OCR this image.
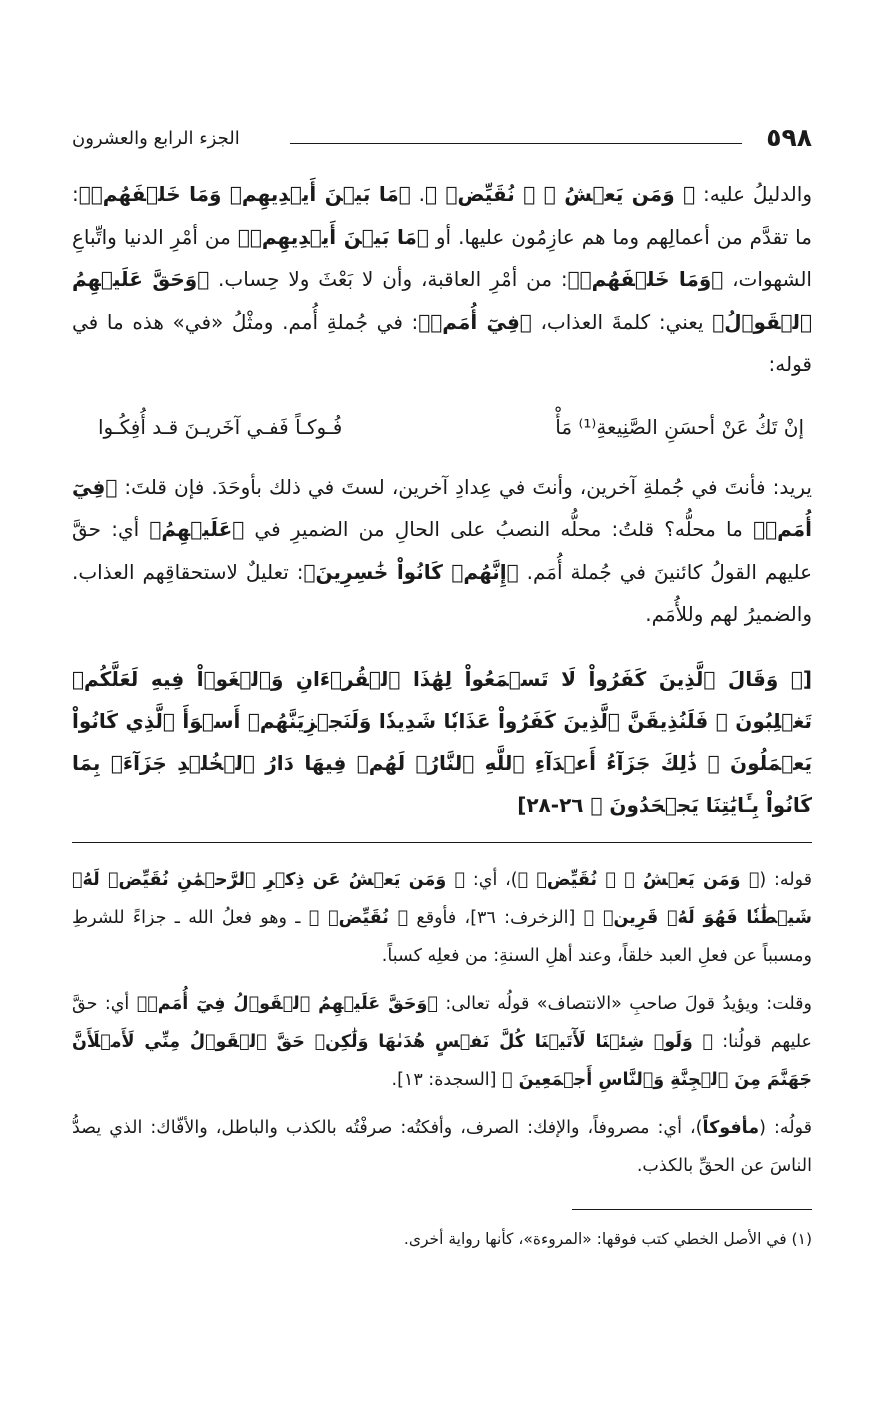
٥٩٨
الجزء الرابع والعشرون

والدليلُ عليه: ﴿ وَمَن يَعۡشُ ﴾ ﴿ نُقَيِّضۡ ﴾. ﴿مَا بَيۡنَ أَيۡدِيهِمۡ وَمَا خَلۡفَهُمۡ﴾: ما تقدَّم من أعمالِهم وما هم عازِمُون عليها. أو ﴿مَا بَيۡنَ أَيۡدِيهِمۡ﴾ من أمْرِ الدنيا واتِّباعِ الشهوات، ﴿وَمَا خَلۡفَهُمۡ﴾: من أمْرِ العاقبة، وأن لا بَعْثَ ولا حِساب. ﴿وَحَقَّ عَلَيۡهِمُ ٱلۡقَوۡلُ﴾ يعني: كلمةَ العذاب، ﴿فِيٓ أُمَمٖ﴾: في جُملةِ أُمم. ومثْلُ «في» هذه ما في قوله:

إنْ تَكُ عَنْ أحسَنِ الصَّنِيعةِ⁽¹⁾ مَأْ
فُـوكـاً فَفـي آخَريـنَ قـد أُفِكُـوا

يريد: فأنتَ في جُملةِ آخرين، وأنتَ في عِدادِ آخرين، لستَ في ذلك بأوحَدَ. فإن قلتَ: ﴿فِيٓ أُمَمٖ﴾ ما محلُّه؟ قلتُ: محلُّه النصبُ على الحالِ من الضميرِ في ﴿عَلَيۡهِمُ﴾ أي: حقَّ عليهم القولُ كائنينَ في جُملة أُمَم. ﴿إِنَّهُمۡ كَانُواْ خَٰسِرِينَ﴾: تعليلٌ لاستحقاقِهم العذاب. والضميرُ لهم وللأُمَم.

[﴿ وَقَالَ ٱلَّذِينَ كَفَرُواْ لَا تَسۡمَعُواْ لِهَٰذَا ٱلۡقُرۡءَانِ وَٱلۡغَوۡاْ فِيهِ لَعَلَّكُمۡ تَغۡلِبُونَ ۞ فَلَنُذِيقَنَّ ٱلَّذِينَ كَفَرُواْ عَذَابٗا شَدِيدٗا وَلَنَجۡزِيَنَّهُمۡ أَسۡوَأَ ٱلَّذِي كَانُواْ يَعۡمَلُونَ ۞ ذَٰلِكَ جَزَآءُ أَعۡدَآءِ ٱللَّهِ ٱلنَّارُۖ لَهُمۡ فِيهَا دَارُ ٱلۡخُلۡدِ جَزَآءَۢ بِمَا كَانُواْ بِـَٔايَٰتِنَا يَجۡحَدُونَ ﴾ ٢٦-٢٨]

قوله: (﴿ وَمَن يَعۡشُ ﴾ ﴿ نُقَيِّضۡ ﴾)، أي: ﴿ وَمَن يَعۡشُ عَن ذِكۡرِ ٱلرَّحۡمَٰنِ نُقَيِّضۡ لَهُۥ شَيۡطَٰنٗا فَهُوَ لَهُۥ قَرِينٞ ﴾ [الزخرف: ٣٦]، فأوقع ﴿ نُقَيِّضۡ ﴾ ـ وهو فعلُ الله ـ جزاءً للشرطِ ومسبباً عن فعلِ العبد خلقاً، وعند أهلِ السنةِ: من فعلِه كسباً.

وقلت: ويؤيدُ قولَ صاحبِ «الانتصاف» قولُه تعالى: ﴿وَحَقَّ عَلَيۡهِمُ ٱلۡقَوۡلُ فِيٓ أُمَمٖ﴾ أي: حقَّ عليهم قولُنا: ﴿ وَلَوۡ شِئۡنَا لَأٓتَيۡنَا كُلَّ نَفۡسٍ هُدَىٰهَا وَلَٰكِنۡ حَقَّ ٱلۡقَوۡلُ مِنِّي لَأَمۡلَأَنَّ جَهَنَّمَ مِنَ ٱلۡجِنَّةِ وَٱلنَّاسِ أَجۡمَعِينَ ﴾ [السجدة: ١٣].

قولُه: (مأفوكاً)، أي: مصروفاً، والإفك: الصرف، وأفكتُه: صرفْتُه بالكذب والباطل، والأفّاك: الذي يصدُّ الناسَ عن الحقِّ بالكذب.

(١) في الأصل الخطي كتب فوقها: «المروءة»، كأنها رواية أخرى.
